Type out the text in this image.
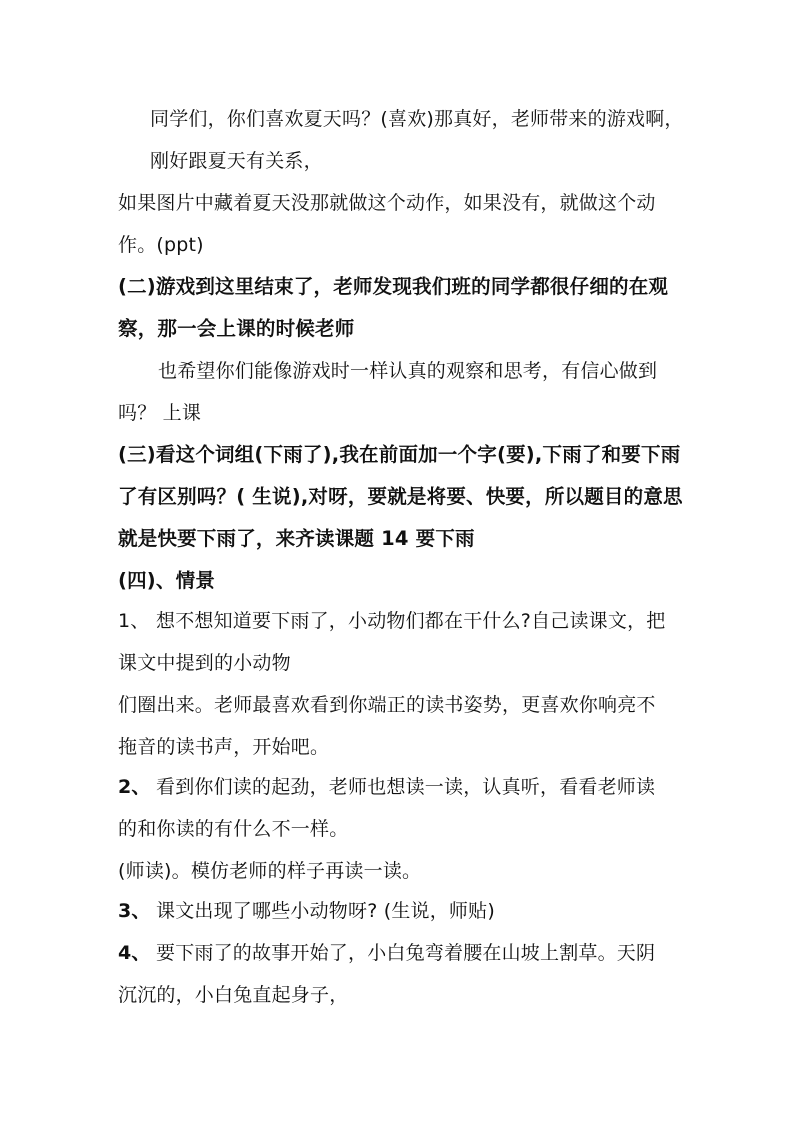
同学们，你们喜欢夏天吗？(喜欢)那真好，老师带来的游戏啊，
刚好跟夏天有关系，
如果图片中藏着夏天没那就做这个动作，如果没有，就做这个动
作。(ppt)
(二)游戏到这里结束了，老师发现我们班的同学都很仔细的在观
察，那一会上课的时候老师
也希望你们能像游戏时一样认真的观察和思考，有信心做到
吗？ 上课
(三)看这个词组(下雨了),我在前面加一个字(要),下雨了和要下雨
了有区别吗？( 生说),对呀，要就是将要、快要，所以题目的意思
就是快要下雨了，来齐读课题 14 要下雨
(四)、情景
1、 想不想知道要下雨了，小动物们都在干什么?自己读课文，把
课文中提到的小动物
们圈出来。老师最喜欢看到你端正的读书姿势，更喜欢你响亮不
拖音的读书声，开始吧。
2、 看到你们读的起劲，老师也想读一读，认真听，看看老师读
的和你读的有什么不一样。
(师读)。模仿老师的样子再读一读。
3、 课文出现了哪些小动物呀? (生说，师贴)
4、 要下雨了的故事开始了，小白兔弯着腰在山坡上割草。天阴
沉沉的，小白兔直起身子，
